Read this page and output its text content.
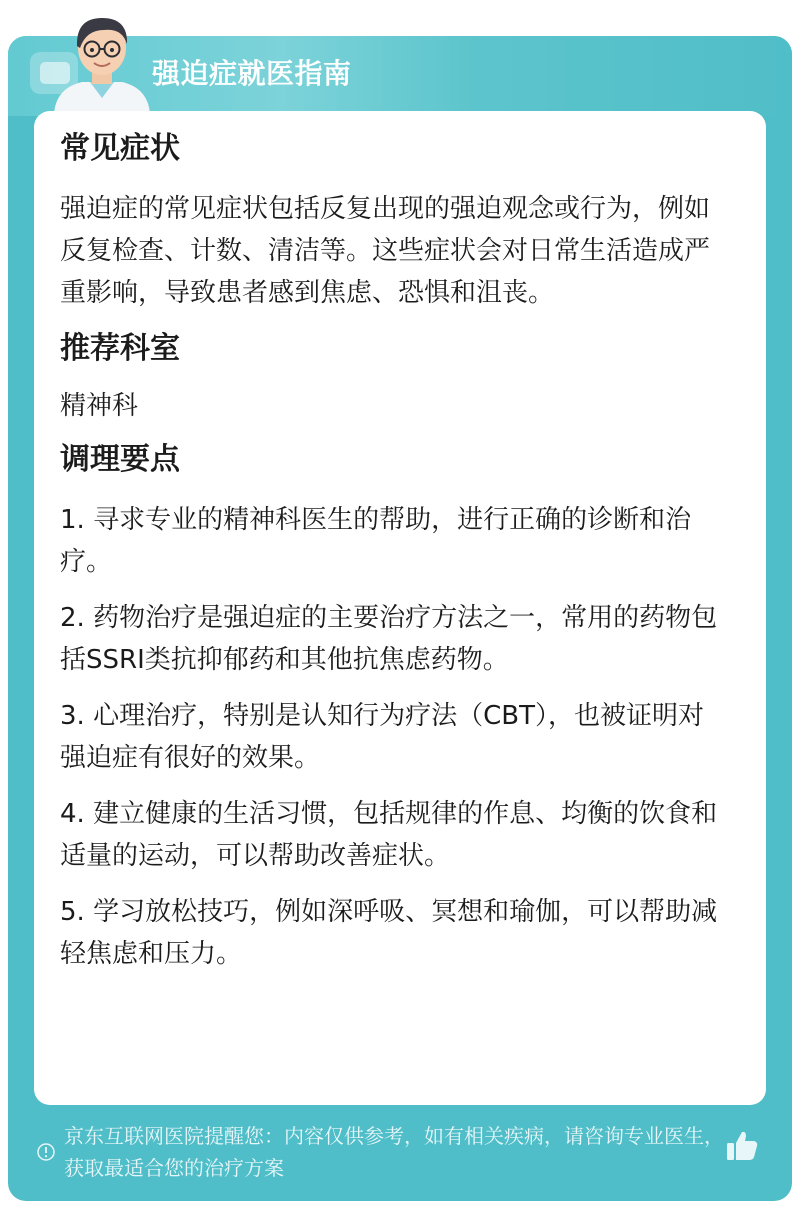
强迫症就医指南
常见症状
强迫症的常见症状包括反复出现的强迫观念或行为，例如反复检查、计数、清洁等。这些症状会对日常生活造成严重影响，导致患者感到焦虑、恐惧和沮丧。
推荐科室
精神科
调理要点
1. 寻求专业的精神科医生的帮助，进行正确的诊断和治疗。
2. 药物治疗是强迫症的主要治疗方法之一，常用的药物包括SSRI类抗抑郁药和其他抗焦虑药物。
3. 心理治疗，特别是认知行为疗法（CBT），也被证明对强迫症有很好的效果。
4. 建立健康的生活习惯，包括规律的作息、均衡的饮食和适量的运动，可以帮助改善症状。
5. 学习放松技巧，例如深呼吸、冥想和瑜伽，可以帮助减轻焦虑和压力。
京东互联网医院提醒您：内容仅供参考，如有相关疾病，请咨询专业医生，获取最适合您的治疗方案
